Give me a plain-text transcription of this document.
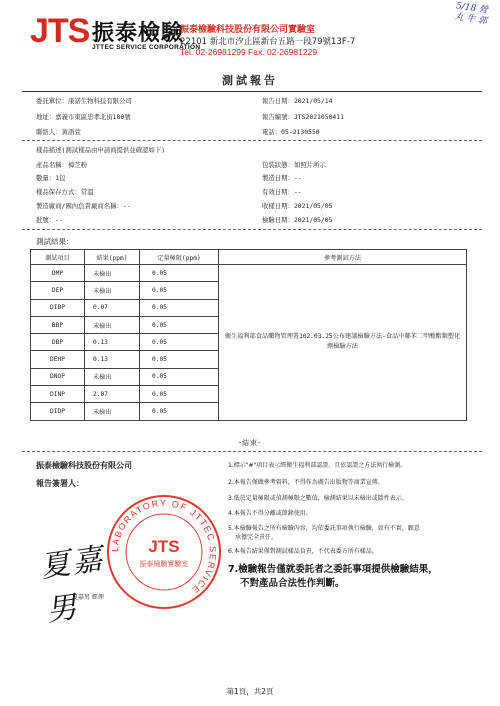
JTS 振泰檢驗
JTTEC SERVICE CORPORATION
振泰檢驗科技股份有限公司實驗室
22101 新北市汐止區新台五路一段79號13F-7
Tel. 02-26981299 Fax. 02-26981229
5/18 營 丸 牛 郭
測試報告
委託單位：康諾生物科技有限公司	報告日期：2021/05/14
地址：嘉義市東區忠孝北街180號	報告編號：JTS2021050411
聯絡人：黃語萱	電話：05-2130550
樣品描述(測試樣品由申請商提供並確認如下)
產品名稱：樟芝粉	包裝狀態：如照片所示
數量：1包	製造日期：--
樣品保存方式：常溫	有效日期：--
製造廠商/國內負責廠商名稱：--	收樣日期：2021/05/05
批號：--	檢驗日期：2021/05/05
測試結果：
測試項目	結果(ppm)	定量極限(ppm)	參考測試方法
DMP	未檢出	0.05	衛生福利部食品藥物管理署102.03.25公布建議檢驗方法-食品中鄰苯二甲酸酯類塑化劑檢驗方法
DEP	未檢出	0.05	
DIBP	0.07	0.05	
BBP	未檢出	0.05	
DBP	0.13	0.05	
DEHP	0.13	0.05	
DNOP	未檢出	0.05	
DINP	2.07	0.05	
DIDP	未檢出	0.05	
-結束-
振泰檢驗科技股份有限公司
報告簽署人：
LABORATORY OF JTTEC SERVICE
JTS
振泰檢驗實驗室
夏嘉男
夏嘉男 經理
1.標示"#"項目表示經衛生福利部認證，且依認證之方法執行檢測。
2.本報告僅做參考資料，不得作為廣告出版物等商業宣傳。
3.低於定量極限或偵測極限之數值，檢測結果以未檢出或陰性表示。
4.本報告不得分離或節錄使用。
5.本檢驗報告之所有檢驗內容，均依委託事項執行檢驗，如有不實，願意
承擔完全責任。
6.本報告結果僅對測試樣品負責，不代表委方所有樣品。
7.檢驗報告僅就委託者之委託事項提供檢驗結果，
不對產品合法性作判斷。
第1頁，共2頁
